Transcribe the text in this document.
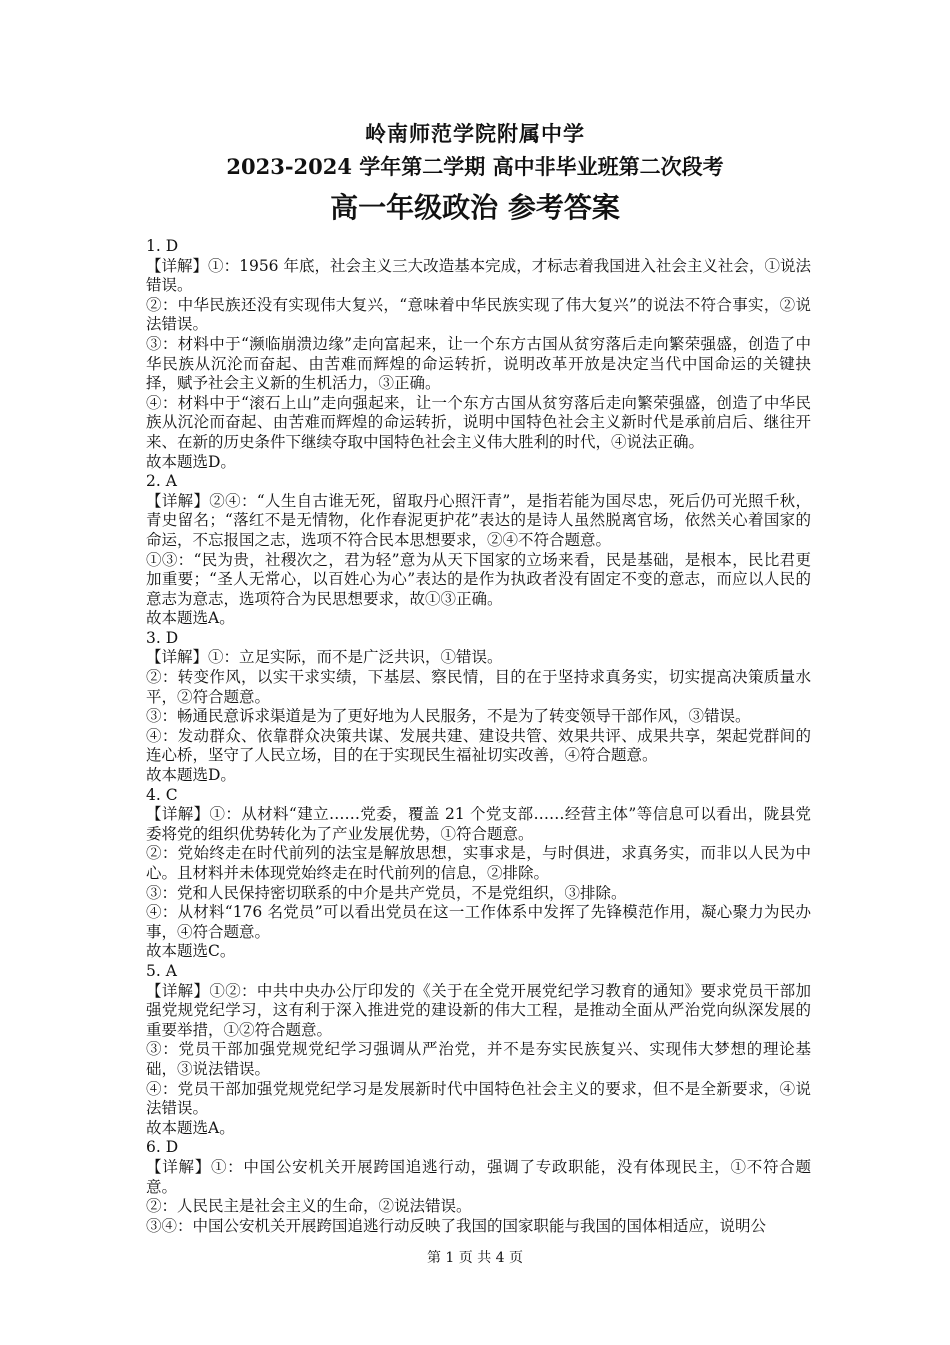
岭南师范学院附属中学
2023-2024 学年第二学期 高中非毕业班第二次段考
高一年级政治 参考答案

1. D

【详解】①：1956 年底，社会主义三大改造基本完成，才标志着我国进入社会主义社会，①说法错误。

②：中华民族还没有实现伟大复兴，“意味着中华民族实现了伟大复兴”的说法不符合事实，②说法错误。

③：材料中于“濒临崩溃边缘”走向富起来，让一个东方古国从贫穷落后走向繁荣强盛，创造了中华民族从沉沦而奋起、由苦难而辉煌的命运转折，说明改革开放是决定当代中国命运的关键抉择，赋予社会主义新的生机活力，③正确。

④：材料中于“滚石上山”走向强起来，让一个东方古国从贫穷落后走向繁荣强盛，创造了中华民族从沉沦而奋起、由苦难而辉煌的命运转折，说明中国特色社会主义新时代是承前启后、继往开来、在新的历史条件下继续夺取中国特色社会主义伟大胜利的时代，④说法正确。

故本题选D。

2. A

【详解】②④：“人生自古谁无死，留取丹心照汗青”，是指若能为国尽忠，死后仍可光照千秋，青史留名；“落红不是无情物，化作春泥更护花”表达的是诗人虽然脱离官场，依然关心着国家的命运，不忘报国之志，选项不符合民本思想要求，②④不符合题意。

①③：“民为贵，社稷次之，君为轻”意为从天下国家的立场来看，民是基础，是根本，民比君更加重要；“圣人无常心，以百姓心为心”表达的是作为执政者没有固定不变的意志，而应以人民的意志为意志，选项符合为民思想要求，故①③正确。

故本题选A。

3. D

【详解】①：立足实际，而不是广泛共识，①错误。

②：转变作风，以实干求实绩，下基层、察民情，目的在于坚持求真务实，切实提高决策质量水平，②符合题意。

③：畅通民意诉求渠道是为了更好地为人民服务，不是为了转变领导干部作风，③错误。

④：发动群众、依靠群众决策共谋、发展共建、建设共管、效果共评、成果共享，架起党群间的连心桥，坚守了人民立场，目的在于实现民生福祉切实改善，④符合题意。

故本题选D。

4. C

【详解】①：从材料“建立……党委，覆盖 21 个党支部……经营主体”等信息可以看出，陇县党委将党的组织优势转化为了产业发展优势，①符合题意。

②：党始终走在时代前列的法宝是解放思想，实事求是，与时俱进，求真务实，而非以人民为中心。且材料并未体现党始终走在时代前列的信息，②排除。

③：党和人民保持密切联系的中介是共产党员，不是党组织，③排除。

④：从材料“176 名党员”可以看出党员在这一工作体系中发挥了先锋模范作用，凝心聚力为民办事，④符合题意。

故本题选C。

5. A

【详解】①②：中共中央办公厅印发的《关于在全党开展党纪学习教育的通知》要求党员干部加强党规党纪学习，这有利于深入推进党的建设新的伟大工程，是推动全面从严治党向纵深发展的重要举措，①②符合题意。

③：党员干部加强党规党纪学习强调从严治党，并不是夯实民族复兴、实现伟大梦想的理论基础，③说法错误。

④：党员干部加强党规党纪学习是发展新时代中国特色社会主义的要求，但不是全新要求，④说法错误。

故本题选A。

6. D

【详解】①：中国公安机关开展跨国追逃行动，强调了专政职能，没有体现民主，①不符合题意。

②：人民民主是社会主义的生命，②说法错误。

③④：中国公安机关开展跨国追逃行动反映了我国的国家职能与我国的国体相适应，说明公

第 1 页 共 4 页
